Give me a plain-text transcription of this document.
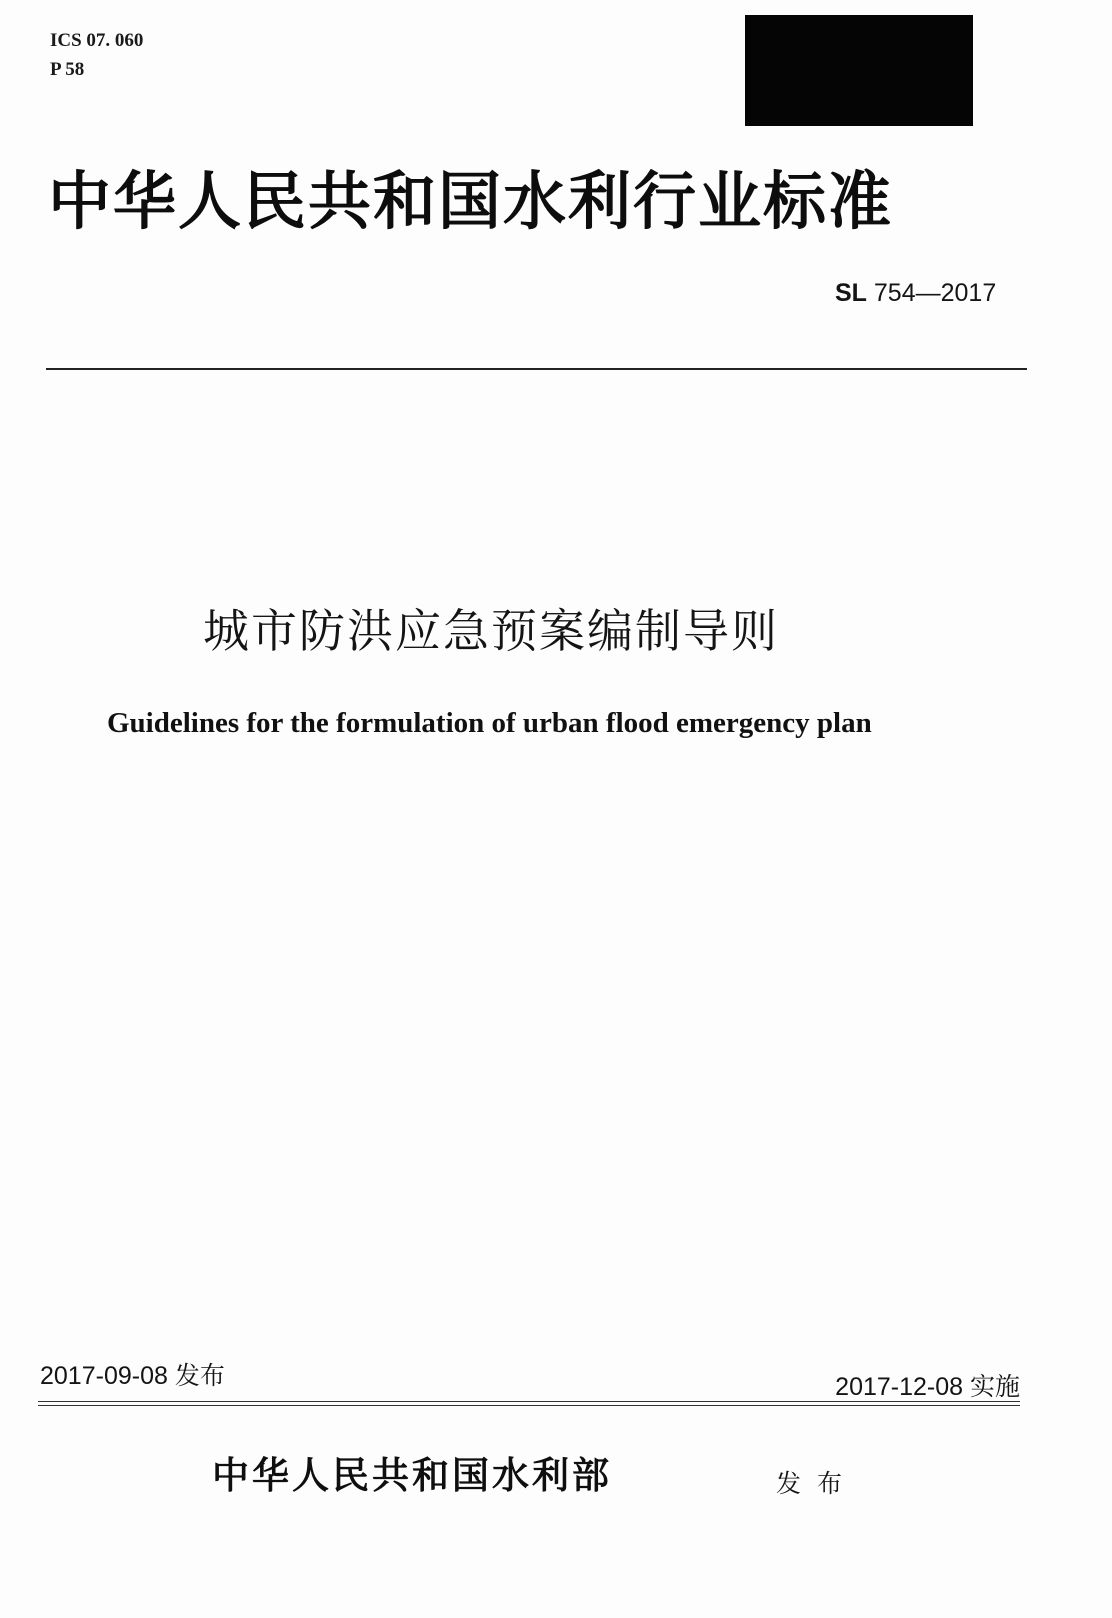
ICS 07. 060
P 58
中华人民共和国水利行业标准
SL 754—2017
城市防洪应急预案编制导则
Guidelines for the formulation of urban flood emergency plan
2017-09-08 发布	2017-12-08 实施
中华人民共和国水利部	发布
